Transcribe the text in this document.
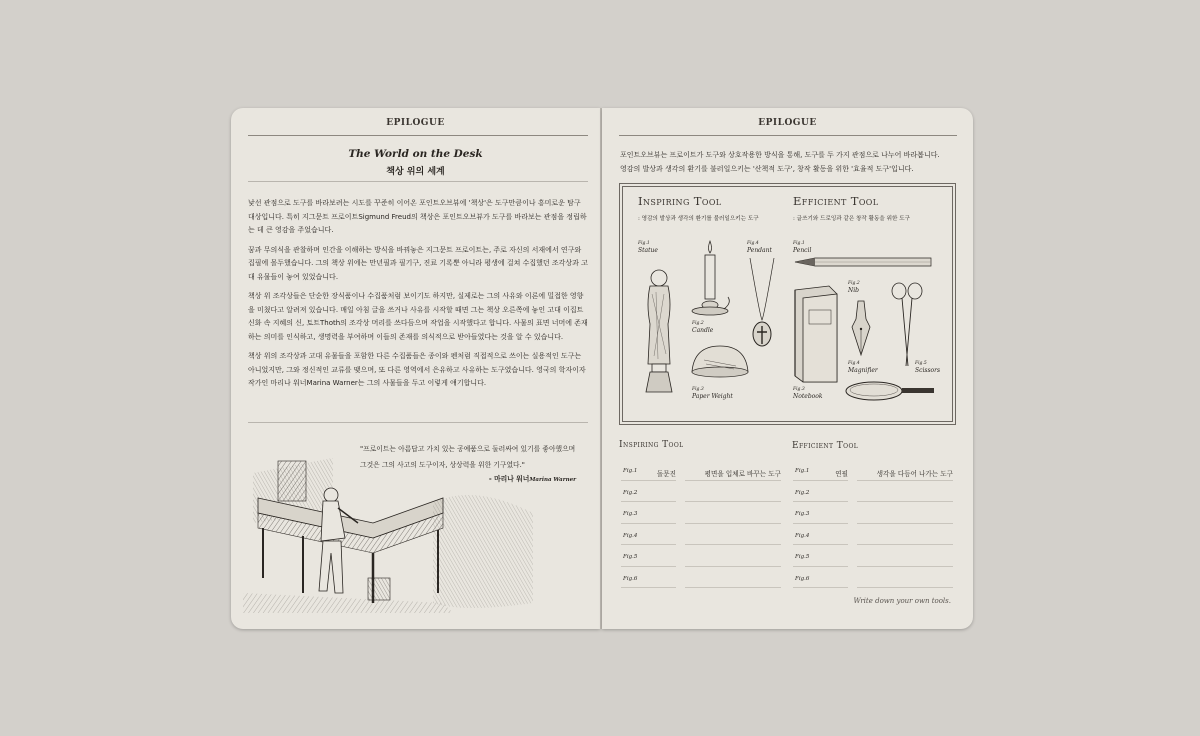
EPILOGUE
The World on the Desk
책상 위의 세계

낯선 관점으로 도구를 바라보려는 시도를 꾸준히 이어온 포인트오브뷰에 '책상'은 도구만큼이나 흥미로운 탐구 대상입니다. 특히 지그문트 프로이트Sigmund Freud의 책상은 포인트오브뷰가 도구를 바라보는 관점을 정립하는 데 큰 영감을 주었습니다.

꿈과 무의식을 관찰하며 인간을 이해하는 방식을 바꿔놓은 지그문트 프로이트는, 주로 자신의 서재에서 연구와 집필에 몰두했습니다. 그의 책상 위에는 만년필과 필기구, 진료 기록뿐 아니라 평생에 걸쳐 수집했던 조각상과 고대 유물들이 놓여 있었습니다.

책상 위 조각상들은 단순한 장식품이나 수집품처럼 보이기도 하지만, 실제로는 그의 사유와 이론에 밀접한 영향을 미쳤다고 알려져 있습니다. 매일 아침 글을 쓰거나 사유를 시작할 때면 그는 책상 오른쪽에 놓인 고대 이집트 신화 속 지혜의 신, 토트Thoth의 조각상 머리를 쓰다듬으며 작업을 시작했다고 합니다. 사물의 표면 너머에 존재하는 의미를 인식하고, 생명력을 부여하며 이들의 존재를 의식적으로 받아들였다는 것을 알 수 있습니다.

책상 위의 조각상과 고대 유물들을 포함한 다른 수집품들은 종이와 펜처럼 직접적으로 쓰이는 실용적인 도구는 아니었지만, 그와 정신적인 교류를 맺으며, 또 다른 영역에서 은유하고 사유하는 도구였습니다. 영국의 학자이자 작가인 마리나 워너Marina Warner는 그의 사물들을 두고 이렇게 얘기합니다.

"프로이트는 아름답고 가치 있는 공예품으로 둘러싸여 있기를 좋아했으며
그것은 그의 사고의 도구이자, 상상력을 위한 기구였다."
- 마리나 워너Marina Warner
EPILOGUE
포인트오브뷰는 프로이트가 도구와 상호작용한 방식을 통해, 도구를 두 가지 관점으로 나누어 바라봅니다.
영감의 발상과 생각의 환기를 불러일으키는 '산책적 도구', 창작 활동을 위한 '효율적 도구'입니다.
Inspiring Tool
: 영감의 발상과 생각의 환기를 불러일으키는 도구
Efficient Tool
: 글쓰기와 드로잉과 같은 창작 활동을 위한 도구
Fig.1
Statue
Fig.2
Candle
Fig.3
Paper Weight
Fig.4
Pendant
Fig.1
Pencil
Fig.2
Nib
Fig.3
Notebook
Fig.4
Magnifier
Fig.5
Scissors
Inspiring Tool
Fig.1	돌문진	평면을 입체로 바꾸는 도구
Fig.2
Fig.3
Fig.4
Fig.5
Fig.6
Efficient Tool
Fig.1	연필	생각을 다듬어 나가는 도구
Fig.2
Fig.3
Fig.4
Fig.5
Fig.6
Write down your own tools.
